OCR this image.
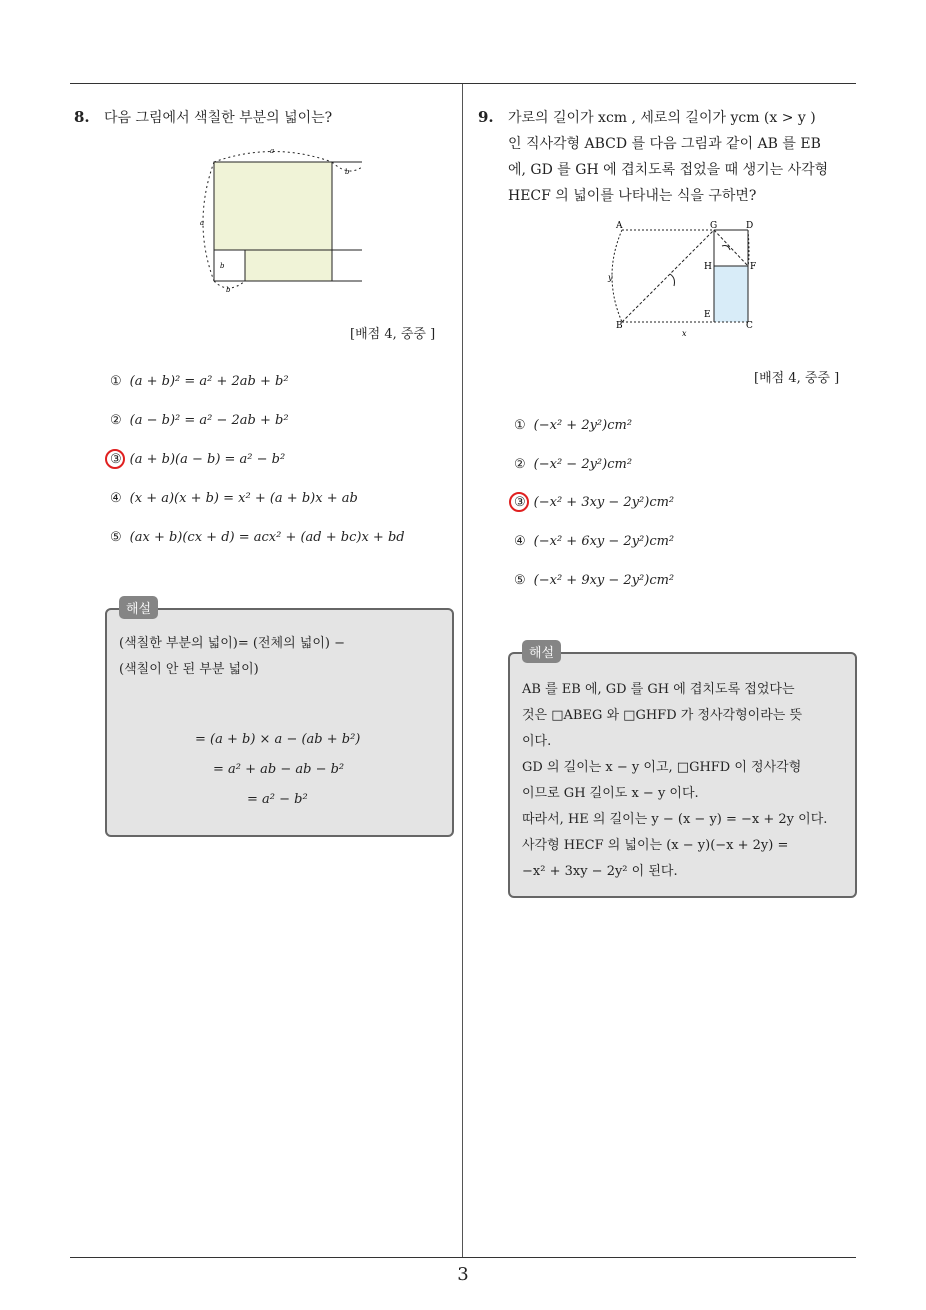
8. 다음 그림에서 색칠한 부분의 넓이는?
a
b
a
b
b
[배점 4, 중중 ]
① (a + b)² = a² + 2ab + b²
② (a − b)² = a² − 2ab + b²
③ (a + b)(a − b) = a² − b²
④ (x + a)(x + b) = x² + (a + b)x + ab
⑤ (ax + b)(cx + d) = acx² + (ad + bc)x + bd
해설
(색칠한 부분의 넓이)= (전체의 넓이) −
(색칠이 안 된 부분 넓이)
= (a + b) × a − (ab + b²)
= a² + ab − ab − b²
= a² − b²
9. 가로의 길이가 xcm , 세로의 길이가 ycm (x > y )
인 직사각형 ABCD 를 다음 그림과 같이 AB 를 EB
에, GD 를 GH 에 겹치도록 접었을 때 생기는 사각형
HECF 의 넓이를 나타내는 식을 구하면?
A	G	D
H	F
E
B	C
y
x
[배점 4, 중중 ]
① (−x² + 2y²)cm²
② (−x² − 2y²)cm²
③ (−x² + 3xy − 2y²)cm²
④ (−x² + 6xy − 2y²)cm²
⑤ (−x² + 9xy − 2y²)cm²
해설
AB 를 EB 에, GD 를 GH 에 겹치도록 접었다는
것은 □ABEG 와 □GHFD 가 정사각형이라는 뜻
이다.
GD 의 길이는 x − y 이고, □GHFD 이 정사각형
이므로 GH 길이도 x − y 이다.
따라서, HE 의 길이는 y − (x − y) = −x + 2y 이다.
사각형 HECF 의 넓이는 (x − y)(−x + 2y) =
−x² + 3xy − 2y² 이 된다.
3
